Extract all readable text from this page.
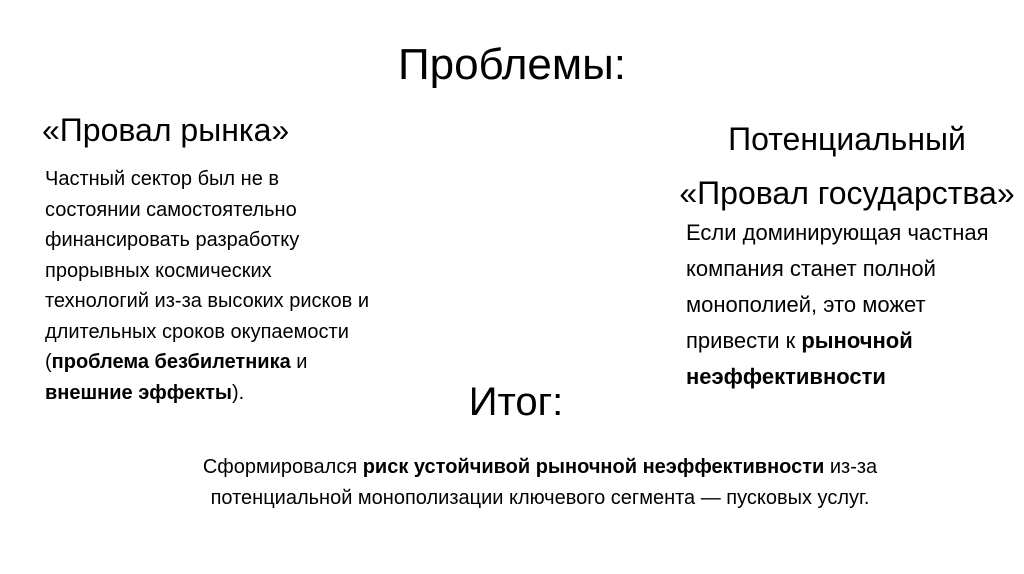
Проблемы:
«Провал рынка»
Частный сектор был не в состоянии самостоятельно финансировать разработку прорывных космических технологий из-за высоких рисков и длительных сроков окупаемости (проблема безбилетника и внешние эффекты).
Потенциальный «Провал государства»
Если доминирующая частная компания станет полной монополией, это может привести к рыночной неэффективности
Итог:
Сформировался риск устойчивой рыночной неэффективности из-за потенциальной монополизации ключевого сегмента — пусковых услуг.
